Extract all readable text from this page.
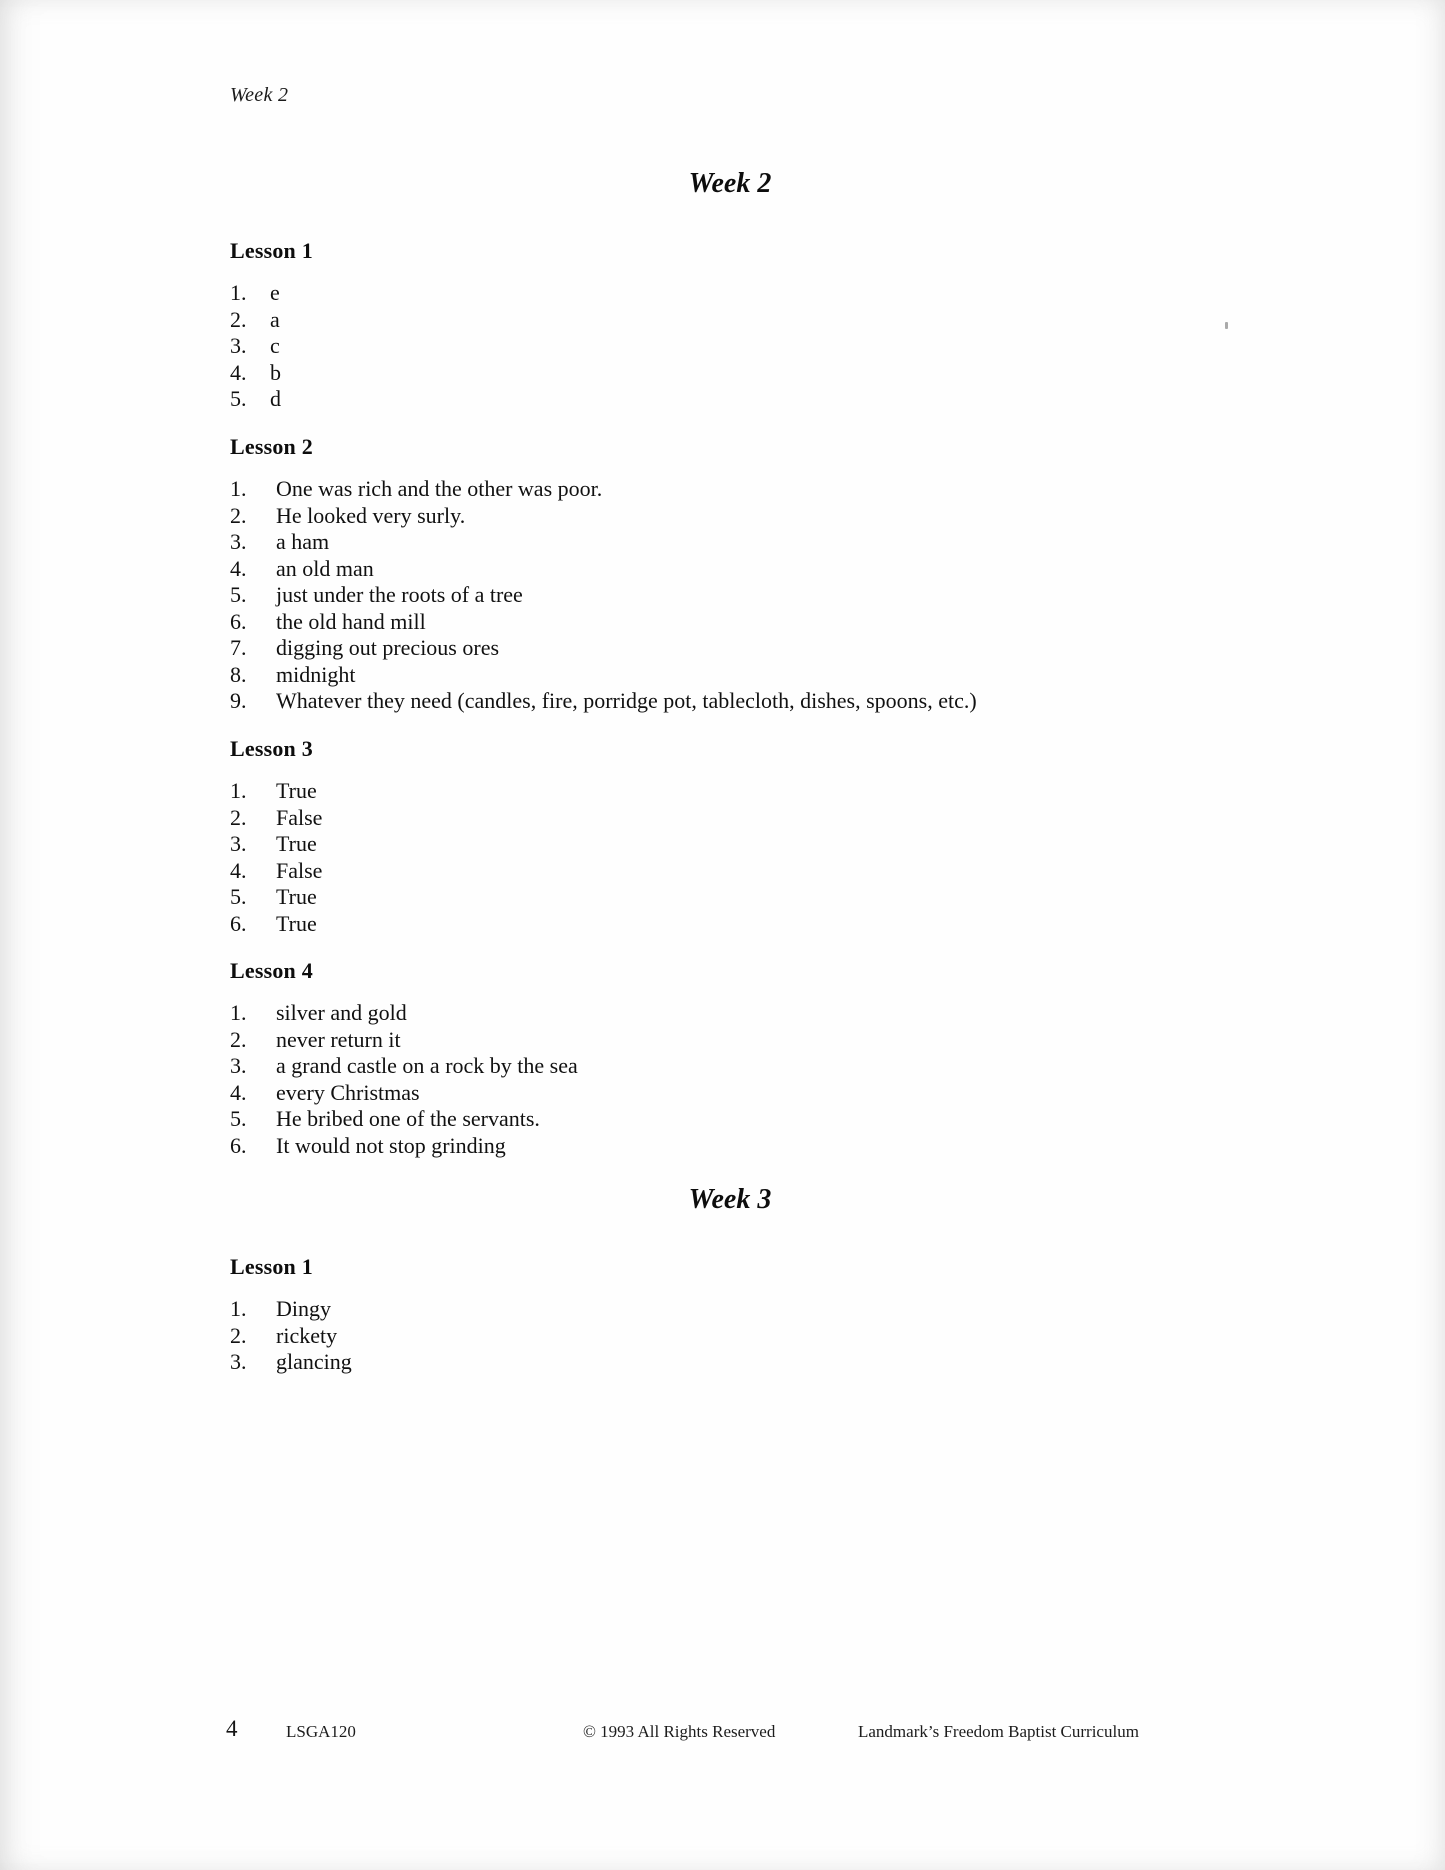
Week 2
Week 2
Lesson 1
1.	e
2.	a
3.	c
4.	b
5.	d
Lesson 2
1.	One was rich and the other was poor.
2.	He looked very surly.
3.	a ham
4.	an old man
5.	just under the roots of a tree
6.	the old hand mill
7.	digging out precious ores
8.	midnight
9.	Whatever they need (candles, fire, porridge pot, tablecloth, dishes, spoons, etc.)
Lesson 3
1.	True
2.	False
3.	True
4.	False
5.	True
6.	True
Lesson 4
1.	silver and gold
2.	never return it
3.	a grand castle on a rock by the sea
4.	every Christmas
5.	He bribed one of the servants.
6.	It would not stop grinding
Week 3
Lesson 1
1.	Dingy
2.	rickety
3.	glancing
4	LSGA120	© 1993 All Rights Reserved	Landmark’s Freedom Baptist Curriculum
